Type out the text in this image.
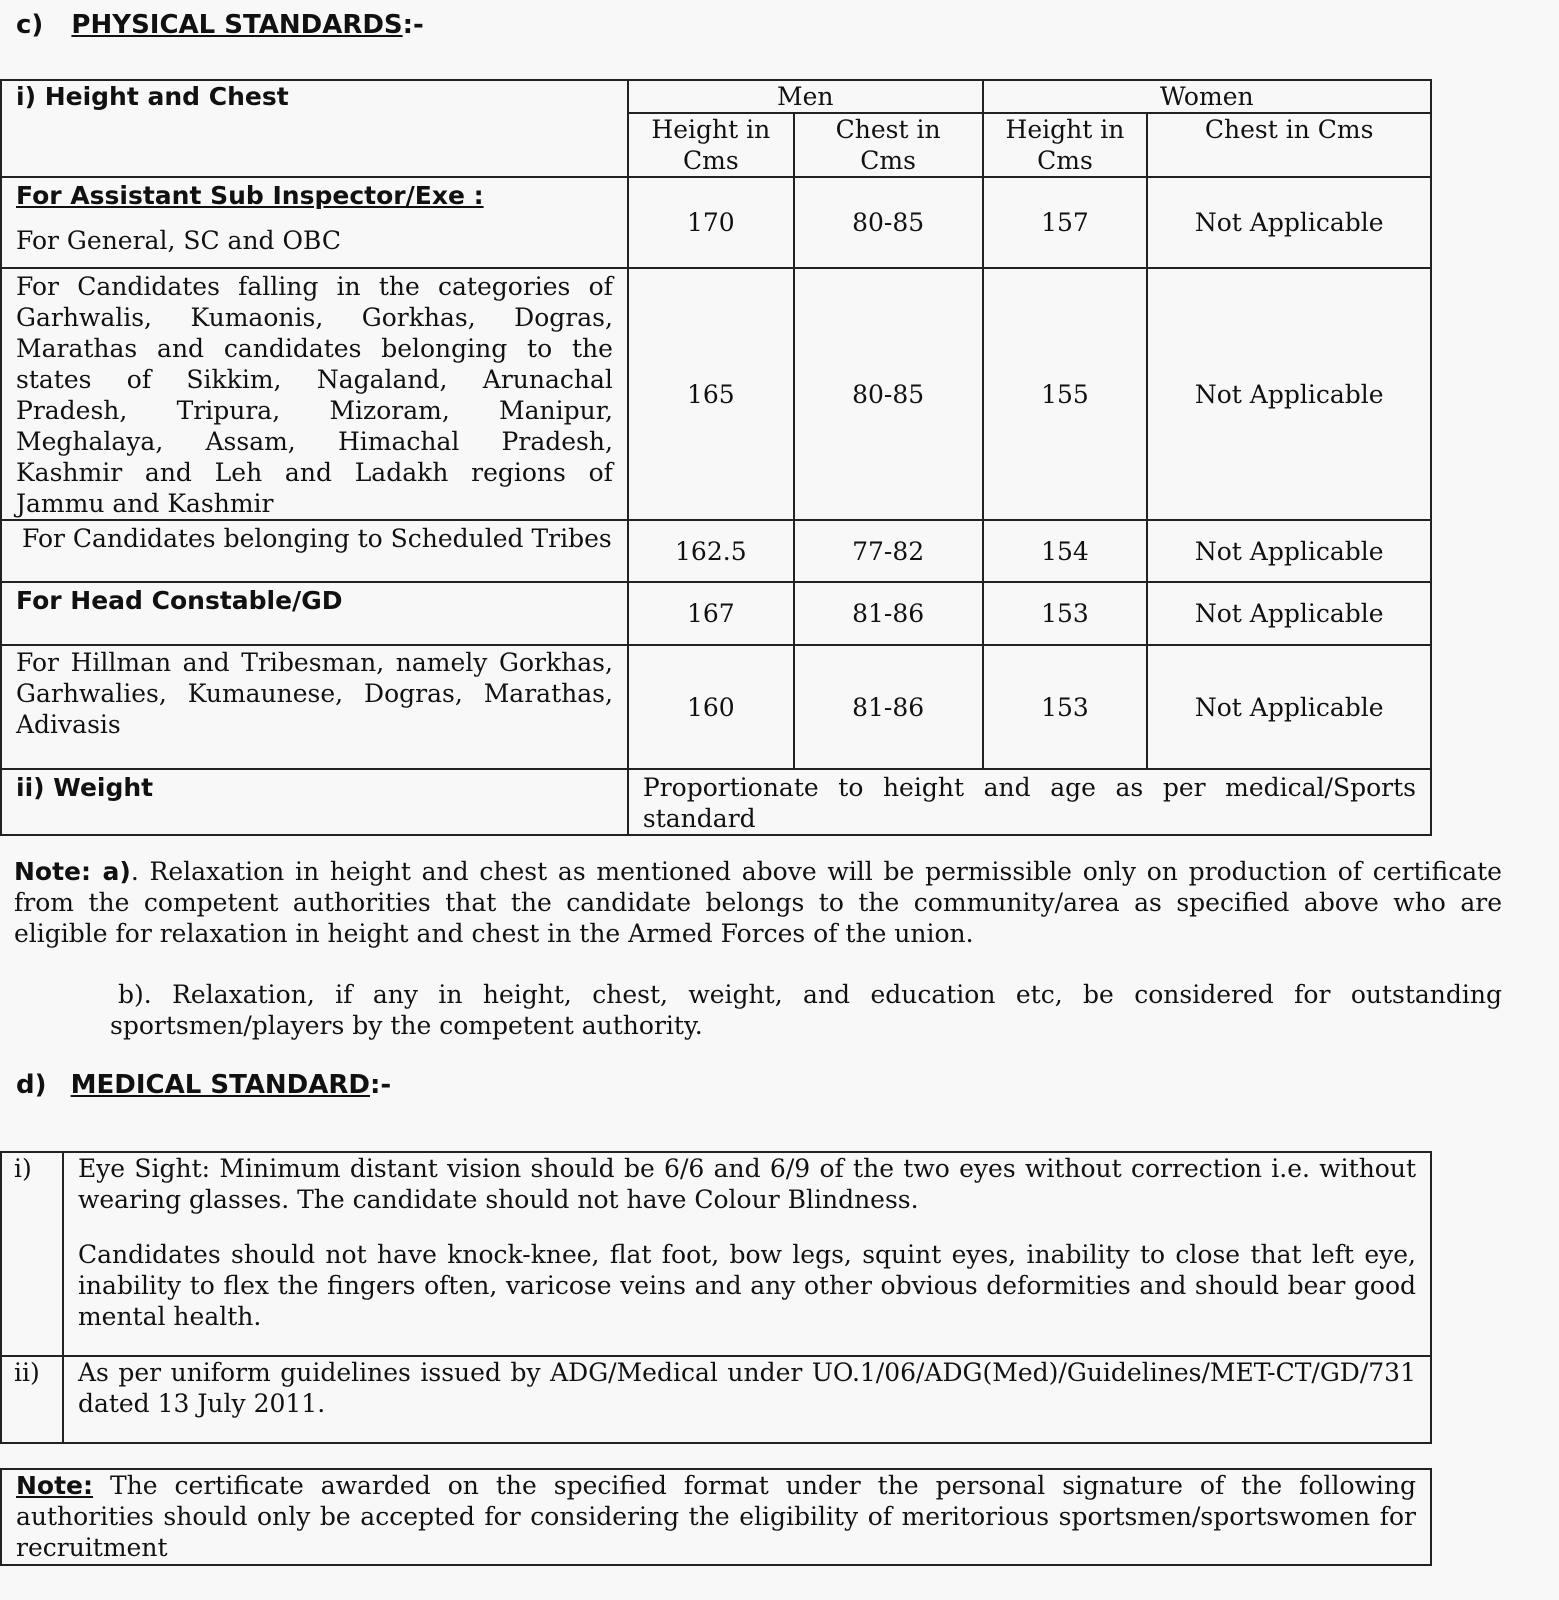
c) PHYSICAL STANDARDS:-
i) Height and Chest	Men		Women	
	Height in Cms	Chest in Cms	Height in Cms	Chest in Cms

For Assistant Sub Inspector/Exe :

For General, SC and OBC	170	80-85	157	Not Applicable
For Candidates falling in the categories of Garhwalis, Kumaonis, Gorkhas, Dogras, Marathas and candidates belonging to the states of Sikkim, Nagaland, Arunachal Pradesh, Tripura, Mizoram, Manipur, Meghalaya, Assam, Himachal Pradesh, Kashmir and Leh and Ladakh regions of Jammu and Kashmir	165	80-85	155	Not Applicable
For Candidates belonging to Scheduled Tribes	162.5	77-82	154	Not Applicable
For Head Constable/GD	167	81-86	153	Not Applicable
For Hillman and Tribesman, namely Gorkhas, Garhwalies, Kumaunese, Dogras, Marathas, Adivasis	160	81-86	153	Not Applicable
ii) Weight	Proportionate to height and age as per medical/Sports standard			
Note: a). Relaxation in height and chest as mentioned above will be permissible only on production of certificate from the competent authorities that the candidate belongs to the community/area as specified above who are eligible for relaxation in height and chest in the Armed Forces of the union.
b). Relaxation, if any in height, chest, weight, and education etc, be considered for outstanding sportsmen/players by the competent authority.
d) MEDICAL STANDARD:-
i)	Eye Sight: Minimum distant vision should be 6/6 and 6/9 of the two eyes without correction i.e. without wearing glasses. The candidate should not have Colour Blindness.

Candidates should not have knock-knee, flat foot, bow legs, squint eyes, inability to close that left eye, inability to flex the fingers often, varicose veins and any other obvious deformities and should bear good mental health.

ii)	As per uniform guidelines issued by ADG/Medical under UO.1/06/ADG(Med)/Guidelines/MET-CT/GD/731 dated 13 July 2011.

Note: The certificate awarded on the specified format under the personal signature of the following authorities should only be accepted for considering the eligibility of meritorious sportsmen/sportswomen for recruitment
